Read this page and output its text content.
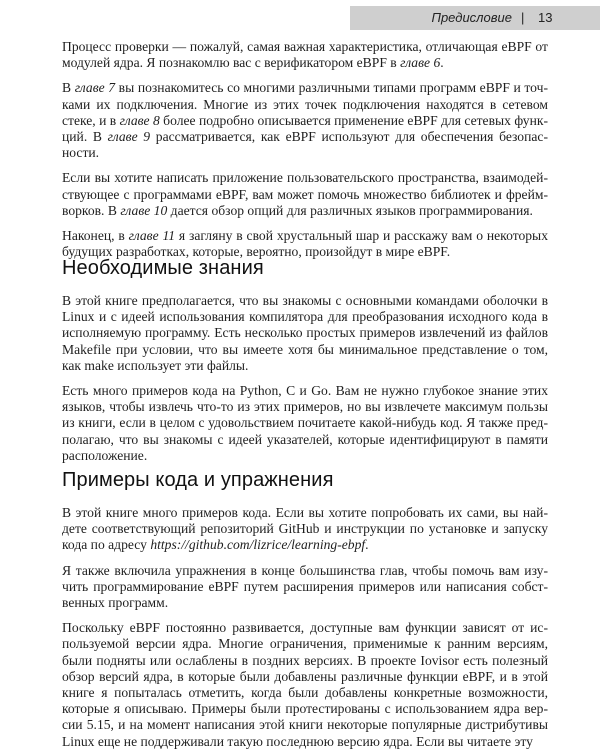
Предисловие | 13

Процесс проверки — пожалуй, самая важная характеристика, отличающая eBPF от модулей ядра. Я познакомлю вас с верификатором eBPF в главе 6.

В главе 7 вы познакомитесь со многими различными типами программ eBPF и точками их подключения. Многие из этих точек подключения находятся в сетевом стеке, и в главе 8 более подробно описывается применение eBPF для сетевых функций. В главе 9 рассматривается, как eBPF используют для обеспечения безопасности.

Если вы хотите написать приложение пользовательского пространства, взаимодействующее с программами eBPF, вам может помочь множество библиотек и фреймворков. В главе 10 дается обзор опций для различных языков программирования.

Наконец, в главе 11 я загляну в свой хрустальный шар и расскажу вам о некоторых будущих разработках, которые, вероятно, произойдут в мире eBPF.

Необходимые знания

В этой книге предполагается, что вы знакомы с основными командами оболочки в Linux и с идеей использования компилятора для преобразования исходного кода в исполняемую программу. Есть несколько простых примеров извлечений из файлов Makefile при условии, что вы имеете хотя бы минимальное представление о том, как make использует эти файлы.

Есть много примеров кода на Python, C и Go. Вам не нужно глубокое знание этих языков, чтобы извлечь что-то из этих примеров, но вы извлечете максимум пользы из книги, если в целом с удовольствием почитаете какой-нибудь код. Я также предполагаю, что вы знакомы с идеей указателей, которые идентифицируют в памяти расположение.

Примеры кода и упражнения

В этой книге много примеров кода. Если вы хотите попробовать их сами, вы найдете соответствующий репозиторий GitHub и инструкции по установке и запуску кода по адресу https://github.com/lizrice/learning-ebpf.

Я также включила упражнения в конце большинства глав, чтобы помочь вам изучить программирование eBPF путем расширения примеров или написания собственных программ.

Поскольку eBPF постоянно развивается, доступные вам функции зависят от используемой версии ядра. Многие ограничения, применимые к ранним версиям, были подняты или ослаблены в поздних версиях. В проекте Iovisor есть полезный обзор версий ядра, в которые были добавлены различные функции eBPF, и в этой книге я попыталась отметить, когда были добавлены конкретные возможности, которые я описываю. Примеры были протестированы с использованием ядра версии 5.15, и на момент написания этой книги некоторые популярные дистрибутивы Linux еще не поддерживали такую последнюю версию ядра. Если вы читаете эту
